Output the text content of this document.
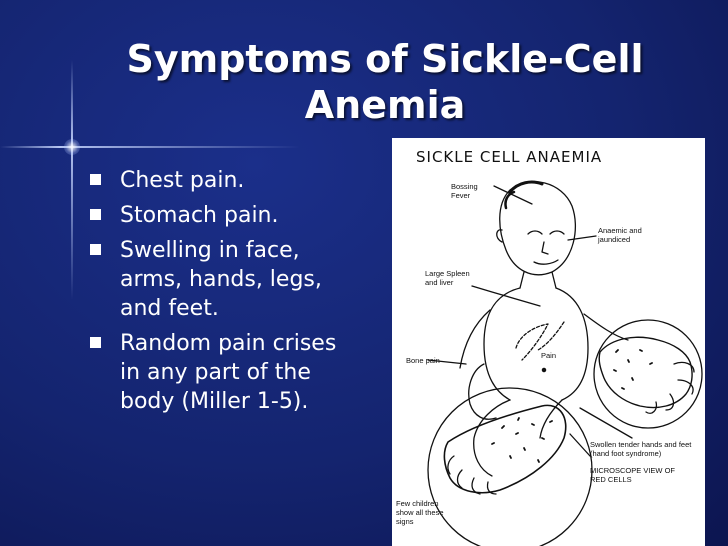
Symptoms of Sickle-Cell
Anemia
Chest pain.
Stomach pain.
Swelling in face,
arms, hands, legs,
and feet.
Random pain crises
in any part of the
body (Miller 1-5).
SICKLE CELL ANAEMIA
Bossing
Fever
Anaemic and
jaundiced
Large Spleen
and liver
Bone pain
Pain
Swollen tender hands and feet
(hand foot syndrome)
MICROSCOPE VIEW OF
RED CELLS
Few children
show all these
signs
